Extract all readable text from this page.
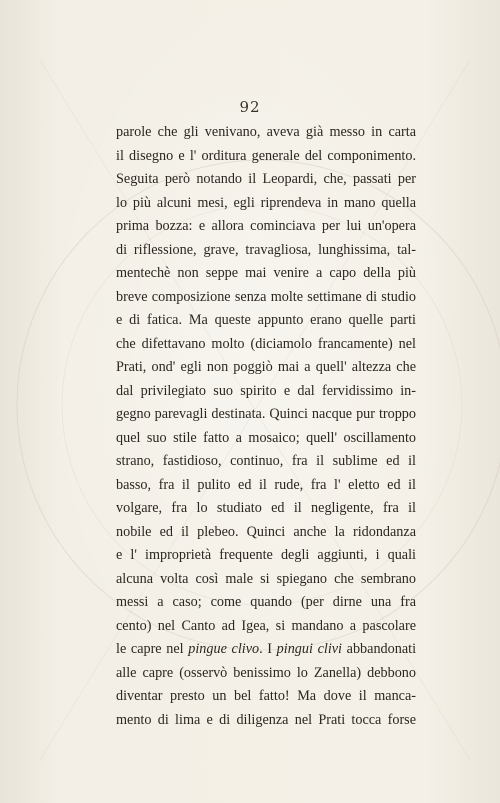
92
parole che gli venivano, aveva già messo in carta
il disegno e l' orditura generale del componimento.
Seguita però notando il Leopardi, che, passati per
lo più alcuni mesi, egli riprendeva in mano quella
prima bozza: e allora cominciava per lui un'opera
di riflessione, grave, travagliosa, lunghissima, tal-
mentechè non seppe mai venire a capo della più
breve composizione senza molte settimane di studio
e di fatica. Ma queste appunto erano quelle parti
che difettavano molto (diciamolo francamente) nel
Prati, ond' egli non poggiò mai a quell' altezza che
dal privilegiato suo spirito e dal fervidissimo in-
gegno parevagli destinata. Quinci nacque pur troppo
quel suo stile fatto a mosaico; quell' oscillamento
strano, fastidioso, continuo, fra il sublime ed il
basso, fra il pulito ed il rude, fra l' eletto ed il
volgare, fra lo studiato ed il negligente, fra il
nobile ed il plebeo. Quinci anche la ridondanza
e l' improprietà frequente degli aggiunti, i quali
alcuna volta così male si spiegano che sembrano
messi a caso; come quando (per dirne una fra
cento) nel Canto ad Igea, si mandano a pascolare
le capre nel pingue clivo. I pingui clivi abbandonati
alle capre (osservò benissimo lo Zanella) debbono
diventar presto un bel fatto! Ma dove il manca-
mento di lima e di diligenza nel Prati tocca forse
